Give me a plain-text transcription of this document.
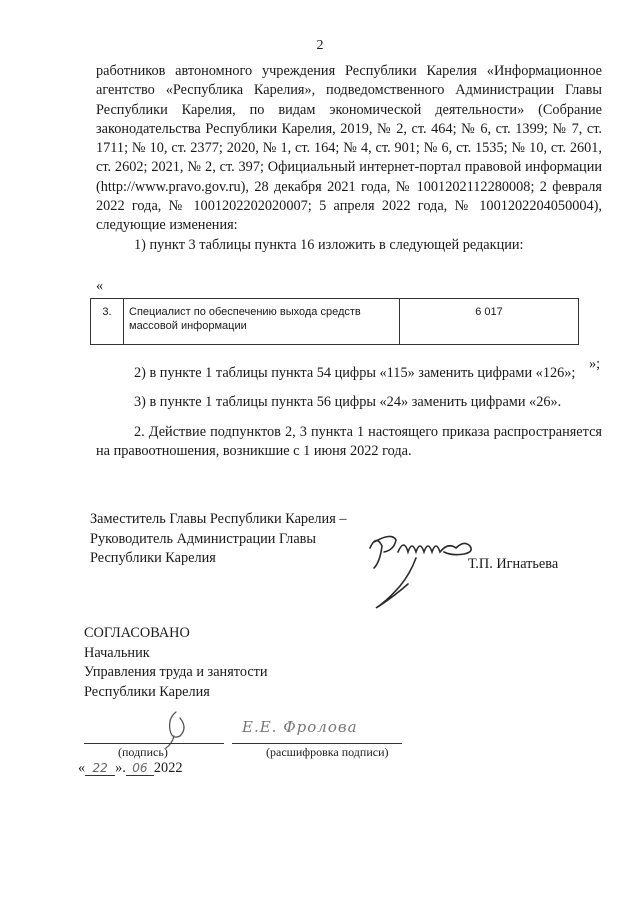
2

работников автономного учреждения Республики Карелия «Информационное агентство «Республика Карелия», подведомственного Администрации Главы Республики Карелия, по видам экономической деятельности» (Собрание законодательства Республики Карелия, 2019, № 2, ст. 464; № 6, ст. 1399; № 7, ст. 1711; № 10, ст. 2377; 2020, № 1, ст. 164; № 4, ст. 901; № 6, ст. 1535; № 10, ст. 2601, ст. 2602; 2021, № 2, ст. 397; Официальный интернет-портал правовой информации (http://www.pravo.gov.ru), 28 декабря 2021 года, № 1001202112280008; 2 февраля 2022 года, № 1001202202020007; 5 апреля 2022 года, № 1001202204050004), следующие изменения:

1) пункт 3 таблицы пункта 16 изложить в следующей редакции:

«
3.	Специалист по обеспечению выхода средств массовой информации	6 017
»;

2) в пункте 1 таблицы пункта 54 цифры «115» заменить цифрами «126»;

3) в пункте 1 таблицы пункта 56 цифры «24» заменить цифрами «26».

2. Действие подпунктов 2, 3 пункта 1 настоящего приказа распространяется на правоотношения, возникшие с 1 июня 2022 года.

Заместитель Главы Республики Карелия –
Руководитель Администрации Главы
Республики Карелия	Т.П. Игнатьева
СОГЛАСОВАНО
Начальник
Управления труда и занятости
Республики Карелия
Е.Е. Фролова
(подпись)	(расшифровка подписи)
« 22 ». 06 2022
